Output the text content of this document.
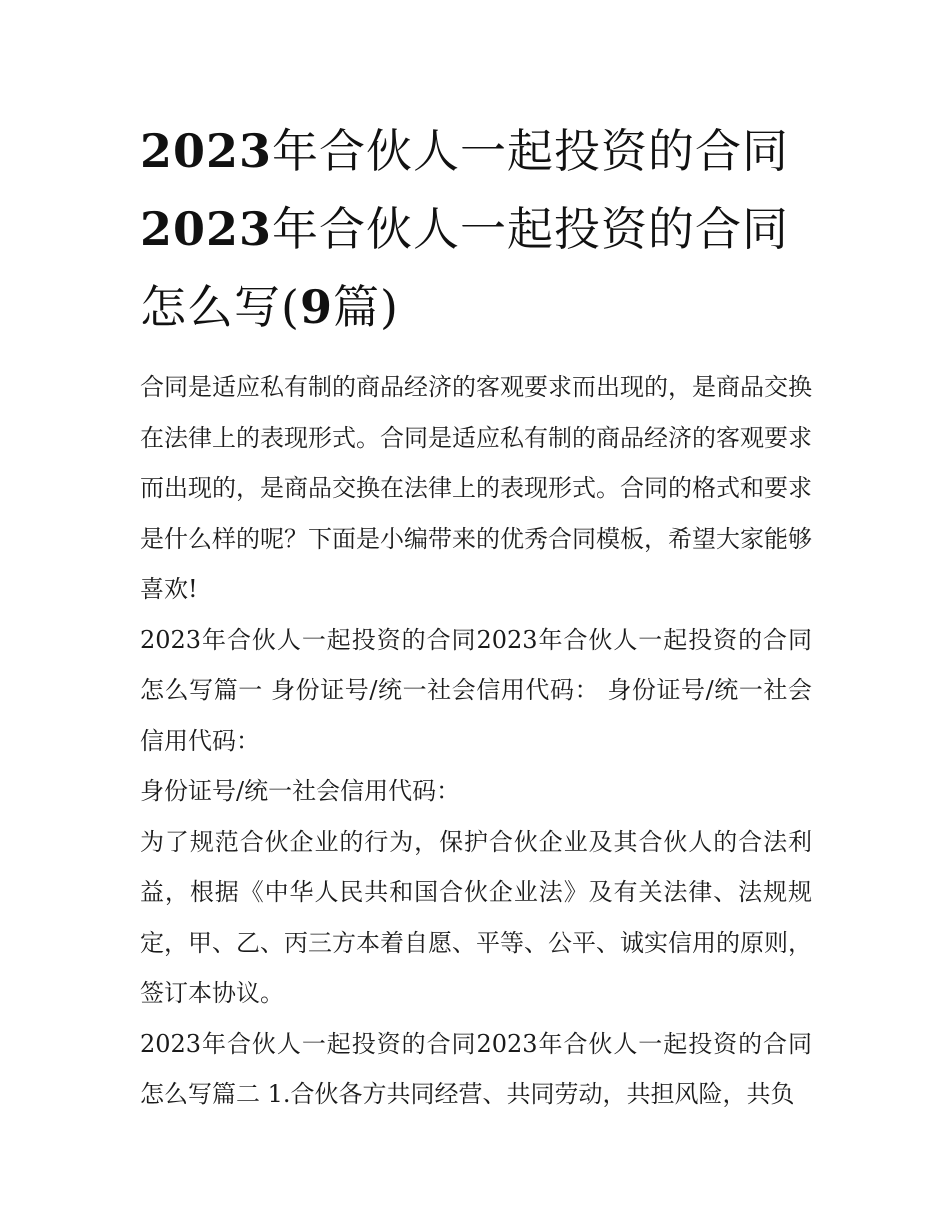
2023年合伙人一起投资的合同2023年合伙人一起投资的合同怎么写(9篇)

合同是适应私有制的商品经济的客观要求而出现的，是商品交换在法律上的表现形式。合同是适应私有制的商品经济的客观要求而出现的，是商品交换在法律上的表现形式。合同的格式和要求是什么样的呢？下面是小编带来的优秀合同模板，希望大家能够喜欢!

2023年合伙人一起投资的合同2023年合伙人一起投资的合同怎么写篇一 身份证号/统一社会信用代码： 身份证号/统一社会信用代码：

身份证号/统一社会信用代码：

为了规范合伙企业的行为，保护合伙企业及其合伙人的合法利益，根据《中华人民共和国合伙企业法》及有关法律、法规规定，甲、乙、丙三方本着自愿、平等、公平、诚实信用的原则，签订本协议。

2023年合伙人一起投资的合同2023年合伙人一起投资的合同怎么写篇二 1.合伙各方共同经营、共同劳动，共担风险，共负
